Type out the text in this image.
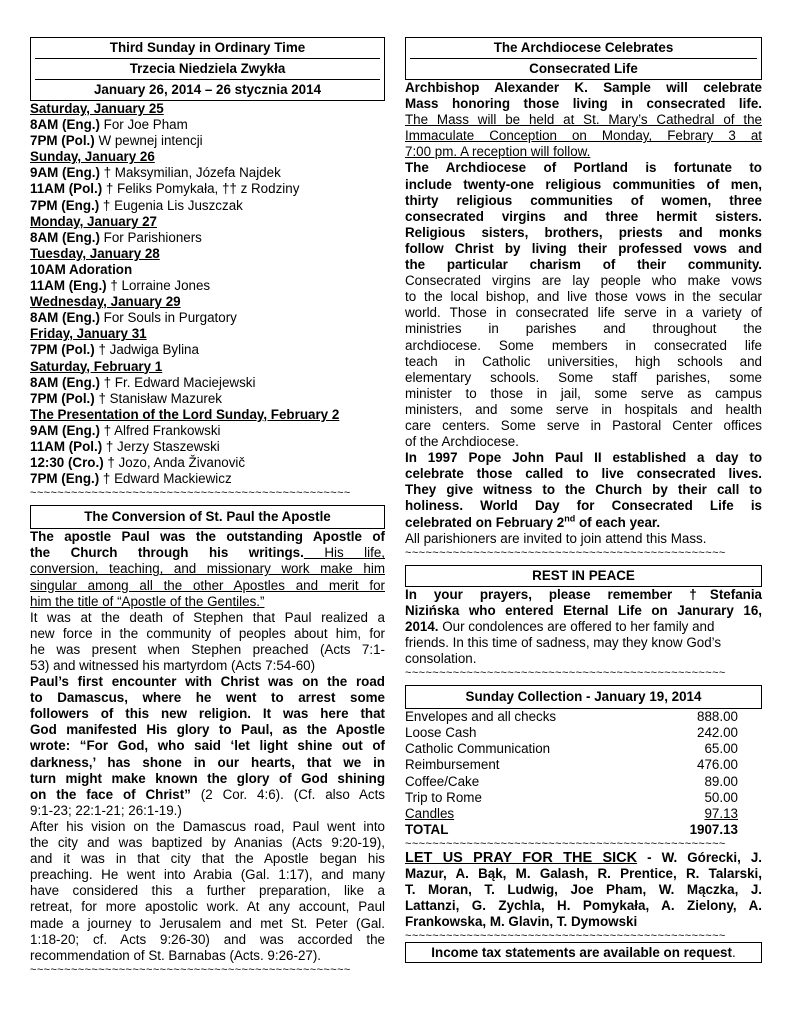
Third Sunday in Ordinary Time
Trzecia Niedziela Zwykła
January 26, 2014 – 26 stycznia 2014
Saturday, January 25
8AM (Eng.) For Joe Pham
7PM (Pol.) W pewnej intencji
Sunday, January 26
9AM (Eng.) † Maksymilian, Józefa Najdek
11AM (Pol.) † Feliks Pomykała, †† z Rodziny
7PM (Eng.) † Eugenia Lis Juszczak
Monday, January 27
8AM (Eng.) For Parishioners
Tuesday, January 28
10AM Adoration
11AM (Eng.) † Lorraine Jones
Wednesday, January 29
8AM (Eng.) For Souls in Purgatory
Friday, January 31
7PM (Pol.) † Jadwiga Bylina
Saturday, February 1
8AM (Eng.) † Fr. Edward Maciejewski
7PM (Pol.) † Stanisław Mazurek
The Presentation of the Lord Sunday, February 2
9AM (Eng.) † Alfred Frankowski
11AM (Pol.) † Jerzy Staszewski
12:30 (Cro.) † Jozo, Anda Živanovič
7PM (Eng.) † Edward Mackiewicz
~~~~~~~~~~~~~~~~~~~~~~~~~~~~~~~~~~~~~~~~~~~~~~~
The Conversion of St. Paul the Apostle
The apostle Paul was the outstanding Apostle of
the Church through his writings. His life,
conversion, teaching, and missionary work make him
singular among all the other Apostles and merit for
him the title of “Apostle of the Gentiles.”
It was at the death of Stephen that Paul realized a
new force in the community of peoples about him, for
he was present when Stephen preached (Acts 7:1-
53) and witnessed his martyrdom (Acts 7:54-60)
Paul’s first encounter with Christ was on the road
to Damascus, where he went to arrest some
followers of this new religion. It was here that
God manifested His glory to Paul, as the Apostle
wrote: “For God, who said ‘let light shine out of
darkness,’ has shone in our hearts, that we in
turn might make known the glory of God shining
on the face of Christ” (2 Cor. 4:6). (Cf. also Acts
9:1-23; 22:1-21; 26:1-19.)
After his vision on the Damascus road, Paul went into
the city and was baptized by Ananias (Acts 9:20-19),
and it was in that city that the Apostle began his
preaching. He went into Arabia (Gal. 1:17), and many
have considered this a further preparation, like a
retreat, for more apostolic work. At any account, Paul
made a journey to Jerusalem and met St. Peter (Gal.
1:18-20; cf. Acts 9:26-30) and was accorded the
recommendation of St. Barnabas (Acts. 9:26-27).
~~~~~~~~~~~~~~~~~~~~~~~~~~~~~~~~~~~~~~~~~~~~~~~
The Archdiocese Celebrates
Consecrated Life
Archbishop Alexander K. Sample will celebrate
Mass honoring those living in consecrated life.
The Mass will be held at St. Mary’s Cathedral of the
Immaculate Conception on Monday, Febrary 3 at
7:00 pm. A reception will follow.
The Archdiocese of Portland is fortunate to
include twenty-one religious communities of men,
thirty religious communities of women, three
consecrated virgins and three hermit sisters.
Religious sisters, brothers, priests and monks
follow Christ by living their professed vows and
the particular charism of their community.
Consecrated virgins are lay people who make vows
to the local bishop, and live those vows in the secular
world. Those in consecrated life serve in a variety of
ministries in parishes and throughout the
archdiocese. Some members in consecrated life
teach in Catholic universities, high schools and
elementary schools. Some staff parishes, some
minister to those in jail, some serve as campus
ministers, and some serve in hospitals and health
care centers. Some serve in Pastoral Center offices
of the Archdiocese.
In 1997 Pope John Paul II established a day to
celebrate those called to live consecrated lives.
They give witness to the Church by their call to
holiness. World Day for Consecrated Life is
celebrated on February 2nd of each year.
All parishioners are invited to join attend this Mass.
~~~~~~~~~~~~~~~~~~~~~~~~~~~~~~~~~~~~~~~~~~~~~~~
REST IN PEACE
In your prayers, please remember †Stefania
Nizińska who entered Eternal Life on Janurary 16,
2014. Our condolences are offered to her family and
friends. In this time of sadness, may they know God’s
consolation.
~~~~~~~~~~~~~~~~~~~~~~~~~~~~~~~~~~~~~~~~~~~~~~~
Sunday Collection - January 19, 2014
Envelopes and all checks	888.00
Loose Cash	242.00
Catholic Communication	65.00
Reimbursement	476.00
Coffee/Cake	89.00
Trip to Rome	50.00
Candles	97.13
TOTAL	1907.13
~~~~~~~~~~~~~~~~~~~~~~~~~~~~~~~~~~~~~~~~~~~~~~~
LET US PRAY FOR THE SICK - W. Górecki, J.
Mazur, A. Bąk, M. Galash, R. Prentice, R. Talarski,
T. Moran, T. Ludwig, Joe Pham, W. Mączka, J.
Lattanzi, G. Zychla, H. Pomykała, A. Zielony, A.
Frankowska, M. Glavin, T. Dymowski
~~~~~~~~~~~~~~~~~~~~~~~~~~~~~~~~~~~~~~~~~~~~~~~
Income tax statements are available on request.
